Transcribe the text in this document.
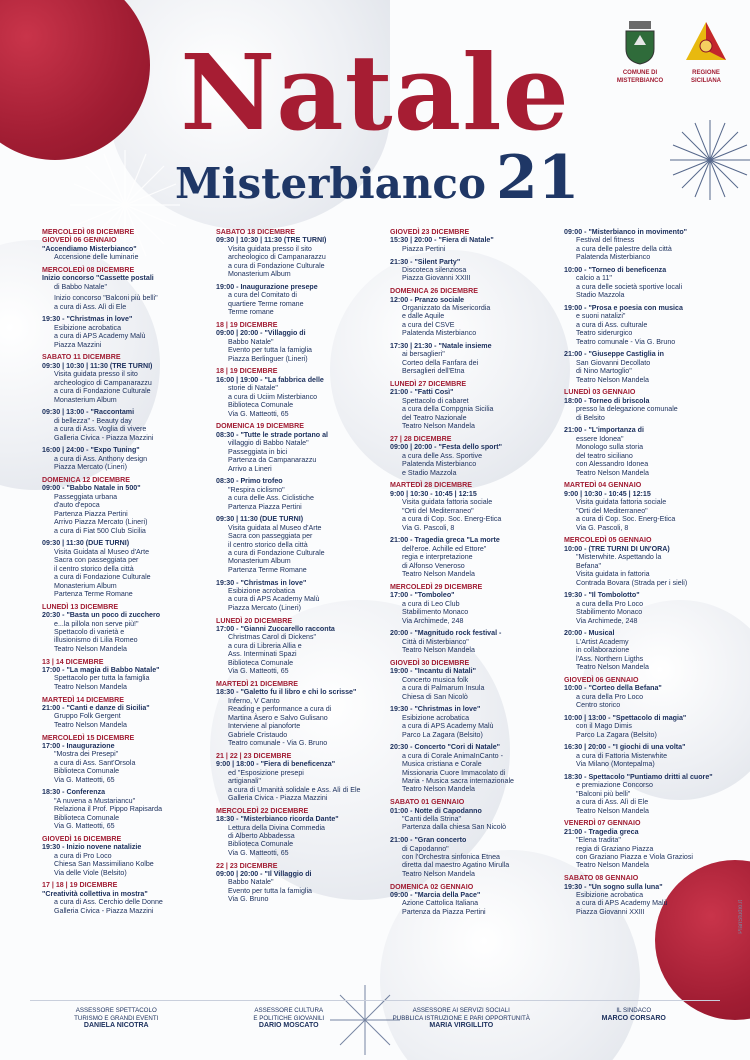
COMUNE DI MISTERBIANCO
REGIONE SICILIANA
Natale
Misterbianco 21
MERCOLEDÌ 08 DICEMBRE
GIOVEDÌ 06 GENNAIO
"Accendiamo Misterbianco"
Accensione delle luminarie
MERCOLEDÌ 08 DICEMBRE
Inizio concorso "Cassette postali
di Babbo Natale"

Inizio concorso "Balconi più belli"
a cura di Ass. Alì di Ele
19:30 - "Christmas in love"
Esibizione acrobatica
a cura di APS Academy Malù
Piazza Mazzini
SABATO 11 DICEMBRE
09:30 | 10:30 | 11:30 (TRE TURNI)
Visita guidata presso il sito
archeologico di Campanarazzu
a cura di Fondazione Culturale
Monasterium Album
09:30 | 13:00 - "Raccontami
di bellezza" - Beauty day
a cura di Ass. Voglia di vivere
Galleria Civica - Piazza Mazzini
16:00 | 24:00 - "Expo Tuning"
a cura di Ass. Anthony design
Piazza Mercato (Lineri)
DOMENICA 12 DICEMBRE
09:00 - "Babbo Natale in 500"
Passeggiata urbana
d'auto d'epoca
Partenza Piazza Pertini
Arrivo Piazza Mercato (Lineri)
a cura di Fiat 500 Club Sicilia
09:30 | 11:30 (DUE TURNI)
Visita Guidata al Museo d'Arte
Sacra con passeggiata per
il centro storico della città
a cura di Fondazione Culturale
Monasterium Album
Partenza Terme Romane
LUNEDÌ 13 DICEMBRE
20:30 - "Basta un poco di zucchero
e...la pillola non serve più!"
Spettacolo di varietà e
illusionismo di Lilia Romeo
Teatro Nelson Mandela
13 | 14 DICEMBRE
17:00 - "La magia di Babbo Natale"
Spettacolo per tutta la famiglia
Teatro Nelson Mandela
MARTEDÌ 14 DICEMBRE
21:00 - "Canti e danze di Sicilia"
Gruppo Folk Gergent
Teatro Nelson Mandela
MERCOLEDÌ 15 DICEMBRE
17:00 - Inaugurazione
"Mostra dei Presepi"
a cura di Ass. Sant'Orsola
Biblioteca Comunale
Via G. Matteotti, 65
18:30 - Conferenza
"A nuvena a Mustariancu"
Relaziona il Prof. Pippo Rapisarda
Biblioteca Comunale
Via G. Matteotti, 65
GIOVEDÌ 16 DICEMBRE
19:30 - Inizio novene natalizie
a cura di Pro Loco
Chiesa San Massimiliano Kolbe
Via delle Viole (Belsito)
17 | 18 | 19 DICEMBRE
"Creatività collettiva in mostra"
a cura di Ass. Cerchio delle Donne
Galleria Civica - Piazza Mazzini
SABATO 18 DICEMBRE
09:30 | 10:30 | 11:30 (TRE TURNI)
Visita guidata presso il sito
archeologico di Campanarazzu
a cura di Fondazione Culturale
Monasterium Album
19:00 - Inaugurazione presepe
a cura del Comitato di
quartiere Terme romane
Terme romane
18 | 19 DICEMBRE
09:00 | 20:00 - "Villaggio di
Babbo Natale"
Evento per tutta la famiglia
Piazza Berlinguer (Lineri)
18 | 19 DICEMBRE
16:00 | 19:00 - "La fabbrica delle
storie di Natale"
a cura di Uciim Misterbianco
Biblioteca Comunale
Via G. Matteotti, 65
DOMENICA 19 DICEMBRE
08:30 - "Tutte le strade portano al
villaggio di Babbo Natale"
Passeggiata in bici
Partenza da Campanarazzu
Arrivo a Lineri
08:30 - Primo trofeo
"Respira ciclismo"
a cura delle Ass. Ciclistiche
Partenza Piazza Pertini
09:30 | 11:30 (DUE TURNI)
Visita guidata al Museo d'Arte
Sacra con passeggiata per
il centro storico della città
a cura di Fondazione Culturale
Monasterium Album
Partenza Terme Romane
19:30 - "Christmas in love"
Esibizione acrobatica
a cura di APS Academy Malù
Piazza Mercato (Lineri)
LUNEDÌ 20 DICEMBRE
17:00 - "Gianni Zuccarello racconta
Christmas Carol di Dickens"
a cura di Libreria Allia e
Ass. Interminati Spazi
Biblioteca Comunale
Via G. Matteotti, 65
MARTEDÌ 21 DICEMBRE
18:30 - "Galetto fu il libro e chi lo scrisse"
Inferno, V Canto
Reading e performance a cura di
Martina Àsero e Salvo Gulisano
Interviene al pianoforte
Gabriele Cristaudo
Teatro comunale - Via G. Bruno
21 | 22 | 23 DICEMBRE
9:00 | 18:00 - "Fiera di beneficenza"
ed "Esposizione presepi
artigianali"
a cura di Umanità solidale e Ass. Alì di Ele
Galleria Civica - Piazza Mazzini
MERCOLEDÌ 22 DICEMBRE
18:30 - "Misterbianco ricorda Dante"
Lettura della Divina Commedia
di Alberto Abbadessa
Biblioteca Comunale
Via G. Matteotti, 65
22 | 23 DICEMBRE
09:00 | 20:00 - "Il Villaggio di
Babbo Natale"
Evento per tutta la famiglia
Via G. Bruno
GIOVEDÌ 23 DICEMBRE
15:30 | 20:00 - "Fiera di Natale"
Piazza Pertini
21:30 - "Silent Party"
Discoteca silenziosa
Piazza Giovanni XXIII
DOMENICA 26 DICEMBRE
12:00 - Pranzo sociale
Organizzato da Misericordia
e dalle Aquile
a cura del CSVE
Palatenda Misterbianco
17:30 | 21:30 - "Natale insieme
ai bersaglieri"
Corteo della Fanfara dei
Bersaglieri dell'Etna
LUNEDÌ 27 DICEMBRE
21:00 - "Fatti Così"
Spettacolo di cabaret
a cura della Compgnia Sicilia
del Teatro Nazionale
Teatro Nelson Mandela
27 | 28 DICEMBRE
09:00 | 20:00 - "Festa dello sport"
a cura delle Ass. Sportive
Palatenda Misterbianco
e Stadio Mazzola
MARTEDÌ 28 DICEMBRE
9:00 | 10:30 - 10:45 | 12:15
Visita guidata fattoria sociale
"Orti del Mediterraneo"
a cura di Cop. Soc. Energ-Etica
Via G. Pascoli, 8
21:00 - Tragedia greca "La morte
dell'eroe. Achille ed Ettore"
regia e interpretazione
di Alfonso Veneroso
Teatro Nelson Mandela
MERCOLEDÌ 29 DICEMBRE
17:00 - "Tomboleo"
a cura di Leo Club
Stabilimento Monaco
Via Archimede, 248
20:00 - "Magnitudo rock festival -
Città di Misterbianco"
Teatro Nelson Mandela
GIOVEDÌ 30 DICEMBRE
19:00 - "Incantu di Natali"
Concerto musica folk
a cura di Palmarum Insula
Chiesa di San Nicolò
19:30 - "Christmas in love"
Esibizione acrobatica
a cura di APS Academy Malù
Parco La Zagara (Belsito)
20:30 - Concerto "Cori di Natale"
a cura di Corale AnimaInCanto -
Musica cristiana e Corale
Missionaria Cuore Immacolato di
Maria - Musica sacra internazionale
Teatro Nelson Mandela
SABATO 01 GENNAIO
01:00 - Notte di Capodanno
"Canti della Strina"
Partenza dalla chiesa San Nicolò
21:00 - "Gran concerto
di Capodanno"
con l'Orchestra sinfonica Etnea
diretta dal maestro Agatino Mirulla
Teatro Nelson Mandela
DOMENICA 02 GENNAIO
09:00 - "Marcia della Pace"
Azione Cattolica Italiana
Partenza da Piazza Pertini
09:00 - "Misterbianco in movimento"
Festival del fitness
a cura delle palestre della città
Palatenda Misterbianco
10:00 - "Torneo di beneficenza
calcio a 11"
a cura delle società sportive locali
Stadio Mazzola
19:00 - "Prosa e poesia con musica
e suoni natalizi"
a cura di Ass. culturale
Teatro siderurgico
Teatro comunale - Via G. Bruno
21:00 - "Giuseppe Castiglia in
San Giovanni Decollato
di Nino Martoglio"
Teatro Nelson Mandela
LUNEDÌ 03 GENNAIO
18:00 - Torneo di briscola
presso la delegazione comunale
di Belsito
21:00 - "L'importanza di
essere Idonea"
Monologo sulla storia
del teatro siciliano
con Alessandro Idonea
Teatro Nelson Mandela
MARTEDÌ 04 GENNAIO
9:00 | 10:30 - 10:45 | 12:15
Visita guidata fattoria sociale
"Orti del Mediterraneo"
a cura di Cop. Soc. Energ-Etica
Via G. Pascoli, 8
MERCOLEDÌ 05 GENNAIO
10:00 - (TRE TURNI DI UN'ORA)
"Misterwhite. Aspettando la
Befana"
Visita guidata in fattoria
Contrada Bovara (Strada per i sieli)
19:30 - "Il Tombolotto"
a cura della Pro Loco
Stabilimento Monaco
Via Archimede, 248
20:00 - Musical
L'Artist Academy
in collaborazione
l'Ass. Northern Ligths
Teatro Nelson Mandela
GIOVEDÌ 06 GENNAIO
10:00 - "Corteo della Befana"
a cura della Pro Loco
Centro storico
10:00 | 13:00 - "Spettacolo di magia"
con il Mago Dimis
Parco La Zagara (Belsito)
16:30 | 20:00 - "I giochi di una volta"
a cura di Fattoria Misterwhite
Via Milano (Montepalma)
18:30 - Spettacolo "Puntiamo dritti al cuore"
e premiazione Concorso
"Balconi più belli"
a cura di Ass. Alì di Ele
Teatro Nelson Mandela
VENERDÌ 07 GENNAIO
21:00 - Tragedia greca
"Elena tradita"
regia di Graziano Piazza
con Graziano Piazza e Viola Graziosi
Teatro Nelson Mandela
SABATO 08 GENNAIO
19:30 - "Un sogno sulla luna"
Esibizione acrobatica
a cura di APS Academy Malù
Piazza Giovanni XXIII	PlanStudio.it
ASSESSORE SPETTACOLO
TURISMO E GRANDI EVENTI
DANIELA NICOTRA
ASSESSORE CULTURA
E POLITICHE GIOVANILI
DARIO MOSCATO
ASSESSORE AI SERVIZI SOCIALI
PUBBLICA ISTRUZIONE E PARI OPPORTUNITÀ
MARIA VIRGILLITO
IL SINDACO
MARCO CORSARO
